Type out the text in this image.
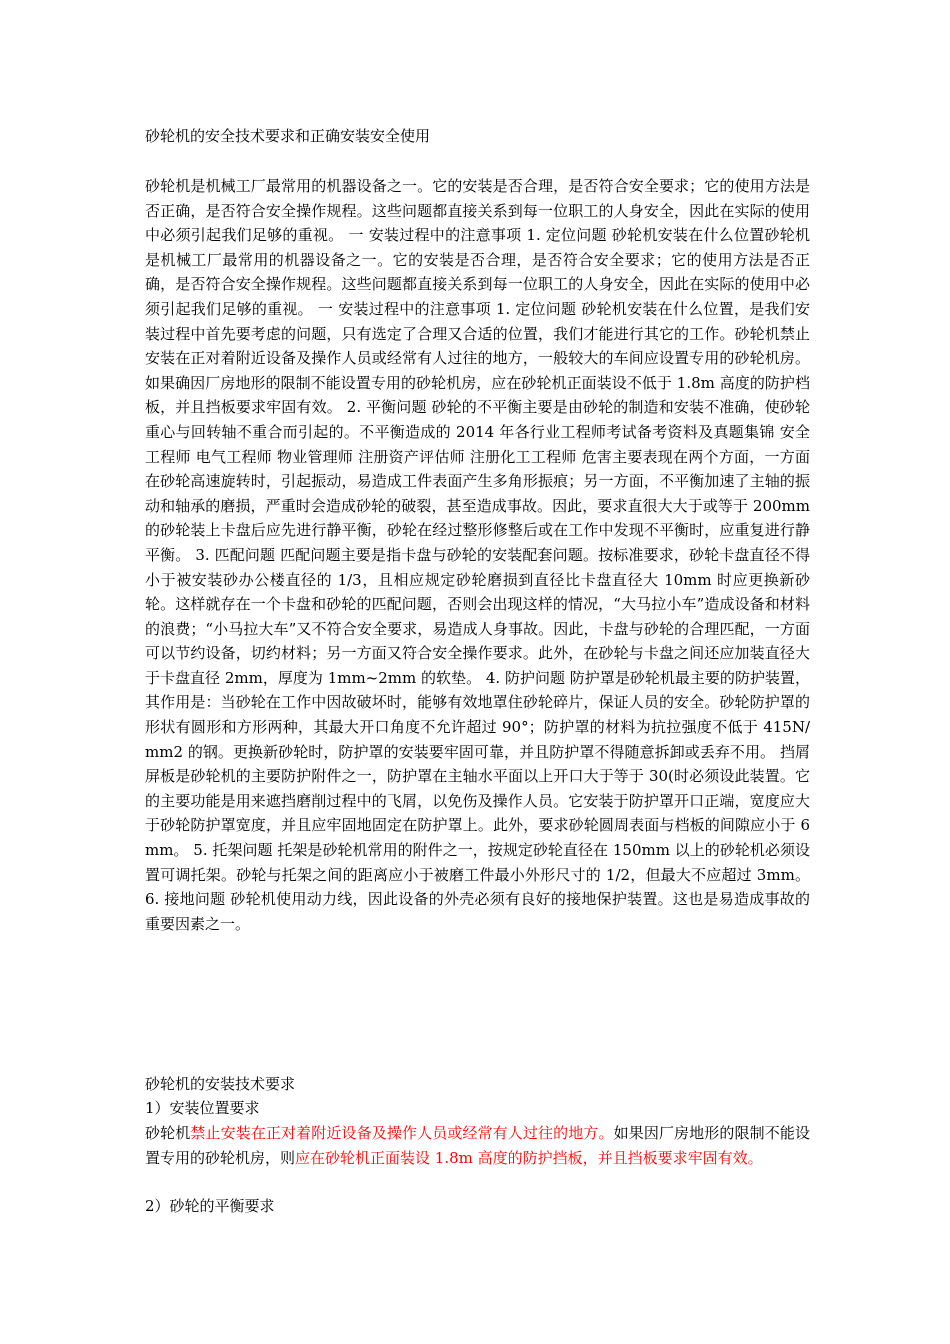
砂轮机的安全技术要求和正确安装安全使用

砂轮机是机械工厂最常用的机器设备之一。它的安装是否合理，是否符合安全要求；它的使用方法是否正确，是否符合安全操作规程。这些问题都直接关系到每一位职工的人身安全，因此在实际的使用中必须引起我们足够的重视。 一 安装过程中的注意事项 1. 定位问题 砂轮机安装在什么位置砂轮机是机械工厂最常用的机器设备之一。它的安装是否合理，是否符合安全要求；它的使用方法是否正确，是否符合安全操作规程。这些问题都直接关系到每一位职工的人身安全，因此在实际的使用中必须引起我们足够的重视。 一 安装过程中的注意事项 1. 定位问题 砂轮机安装在什么位置，是我们安装过程中首先要考虑的问题，只有选定了合理又合适的位置，我们才能进行其它的工作。砂轮机禁止安装在正对着附近设备及操作人员或经常有人过往的地方，一般较大的车间应设置专用的砂轮机房。如果确因厂房地形的限制不能设置专用的砂轮机房，应在砂轮机正面装设不低于 1.8m 高度的防护档板，并且挡板要求牢固有效。 2. 平衡问题 砂轮的不平衡主要是由砂轮的制造和安装不准确，使砂轮重心与回转轴不重合而引起的。不平衡造成的 2014 年各行业工程师考试备考资料及真题集锦 安全工程师 电气工程师 物业管理师 注册资产评估师 注册化工工程师 危害主要表现在两个方面，一方面在砂轮高速旋转时，引起振动，易造成工件表面产生多角形振痕；另一方面，不平衡加速了主轴的振动和轴承的磨损，严重时会造成砂轮的破裂，甚至造成事故。因此，要求直很大大于或等于 200mm 的砂轮装上卡盘后应先进行静平衡，砂轮在经过整形修整后或在工作中发现不平衡时，应重复进行静平衡。 3. 匹配问题 匹配问题主要是指卡盘与砂轮的安装配套问题。按标准要求，砂轮卡盘直径不得小于被安装砂办公楼直径的 1/3，且相应规定砂轮磨损到直径比卡盘直径大 10mm 时应更换新砂轮。这样就存在一个卡盘和砂轮的匹配问题，否则会出现这样的情况，“大马拉小车”造成设备和材料的浪费；“小马拉大车”又不符合安全要求，易造成人身事故。因此，卡盘与砂轮的合理匹配，一方面可以节约设备，切约材料；另一方面又符合安全操作要求。此外，在砂轮与卡盘之间还应加装直径大于卡盘直径 2mm，厚度为 1mm~2mm 的软垫。 4. 防护问题 防护罩是砂轮机最主要的防护装置，其作用是：当砂轮在工作中因故破坏时，能够有效地罩住砂轮碎片，保证人员的安全。砂轮防护罩的形状有圆形和方形两种，其最大开口角度不允许超过 90°；防护罩的材料为抗拉强度不低于 415N/mm2 的钢。更换新砂轮时，防护罩的安装要牢固可靠，并且防护罩不得随意拆卸或丢弃不用。 挡屑屏板是砂轮机的主要防护附件之一，防护罩在主轴水平面以上开口大于等于 30(时必须设此装置。它的主要功能是用来遮挡磨削过程中的飞屑，以免伤及操作人员。它安装于防护罩开口正端，宽度应大于砂轮防护罩宽度，并且应牢固地固定在防护罩上。此外，要求砂轮圆周表面与档板的间隙应小于 6mm。 5. 托架问题 托架是砂轮机常用的附件之一，按规定砂轮直径在 150mm 以上的砂轮机必须设置可调托架。砂轮与托架之间的距离应小于被磨工件最小外形尺寸的 1/2，但最大不应超过 3mm。 6. 接地问题 砂轮机使用动力线，因此设备的外壳必须有良好的接地保护装置。这也是易造成事故的重要因素之一。

砂轮机的安装技术要求
1）安装位置要求

砂轮机禁止安装在正对着附近设备及操作人员或经常有人过往的地方。如果因厂房地形的限制不能设置专用的砂轮机房，则应在砂轮机正面装设 1.8m 高度的防护挡板，并且挡板要求牢固有效。

2）砂轮的平衡要求
